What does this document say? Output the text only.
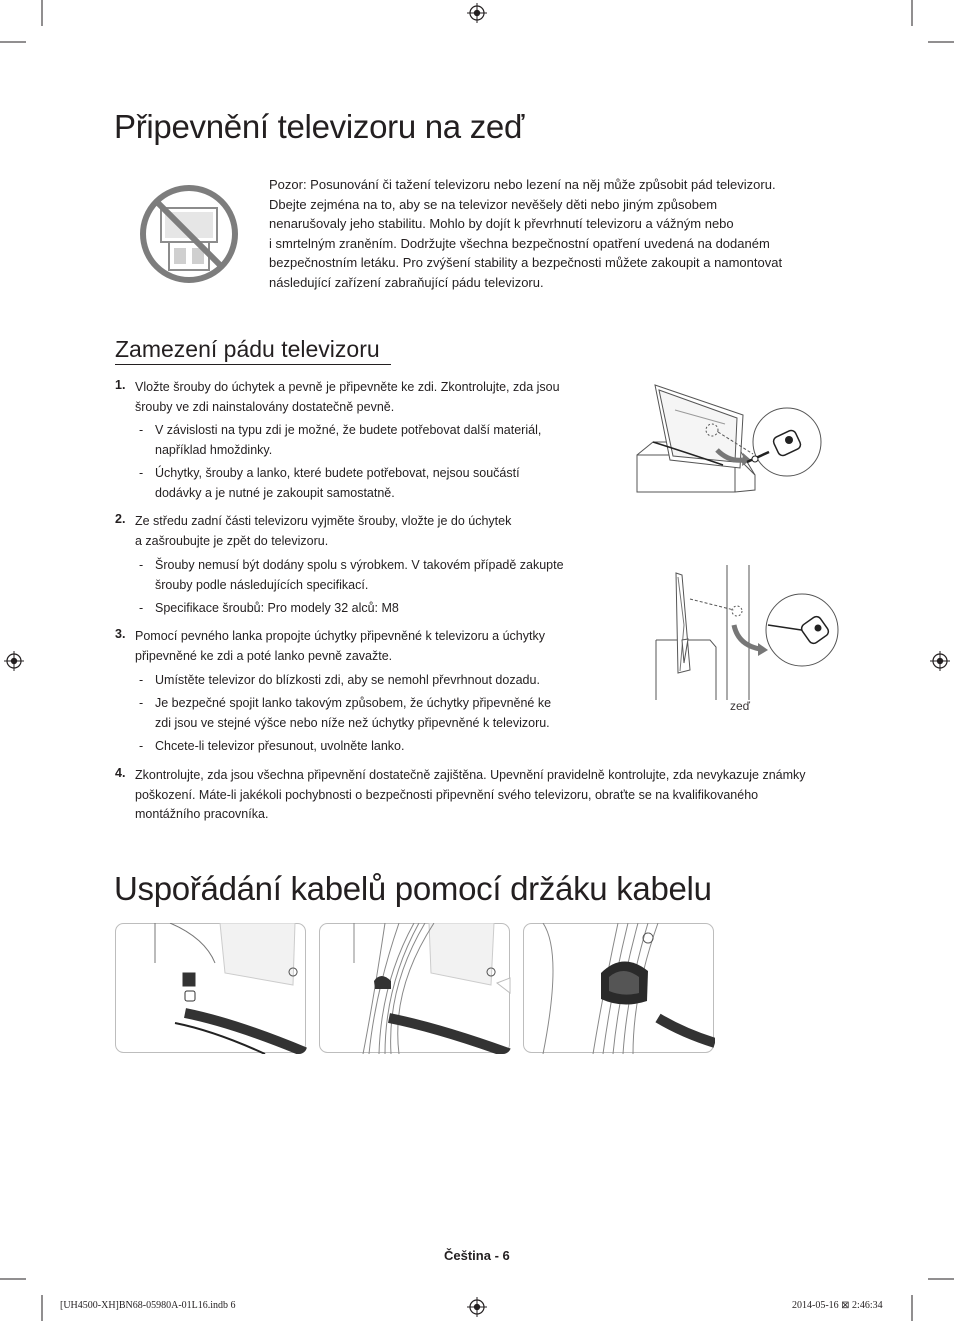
Připevnění televizoru na zeď
Pozor: Posunování či tažení televizoru nebo lezení na něj může způsobit pád televizoru.
Dbejte zejména na to, aby se na televizor nevěšely děti nebo jiným způsobem
nenarušovaly jeho stabilitu. Mohlo by dojít k převrhnutí televizoru a vážným nebo
i smrtelným zraněním. Dodržujte všechna bezpečnostní opatření uvedená na dodaném
bezpečnostním letáku. Pro zvýšení stability a bezpečnosti můžete zakoupit a namontovat
následující zařízení zabraňující pádu televizoru.
Zamezení pádu televizoru
1. Vložte šrouby do úchytek a pevně je připevněte ke zdi. Zkontrolujte, zda jsou
šrouby ve zdi nainstalovány dostatečně pevně.
- V závislosti na typu zdi je možné, že budete potřebovat další materiál,
například hmoždinky.
- Úchytky, šrouby a lanko, které budete potřebovat, nejsou součástí
dodávky a je nutné je zakoupit samostatně.
2. Ze středu zadní části televizoru vyjměte šrouby, vložte je do úchytek
a zašroubujte je zpět do televizoru.
- Šrouby nemusí být dodány spolu s výrobkem. V takovém případě zakupte
šrouby podle následujících specifikací.
- Specifikace šroubů: Pro modely 32 alců: M8
3. Pomocí pevného lanka propojte úchytky připevněné k televizoru a úchytky
připevněné ke zdi a poté lanko pevně zavažte.
- Umístěte televizor do blízkosti zdi, aby se nemohl převrhnout dozadu.
- Je bezpečné spojit lanko takovým způsobem, že úchytky připevněné ke
zdi jsou ve stejné výšce nebo níže než úchytky připevněné k televizoru.
- Chcete-li televizor přesunout, uvolněte lanko.
4. Zkontrolujte, zda jsou všechna připevnění dostatečně zajištěna. Upevnění pravidelně kontrolujte, zda nevykazuje známky
poškození. Máte-li jakékoli pochybnosti o bezpečnosti připevnění svého televizoru, obraťte se na kvalifikovaného
montážního pracovníka.
zeď
Uspořádání kabelů pomocí držáku kabelu
Čeština - 6
[UH4500-XH]BN68-05980A-01L16.indb 6	2014-05-16 ⊠ 2:46:34
